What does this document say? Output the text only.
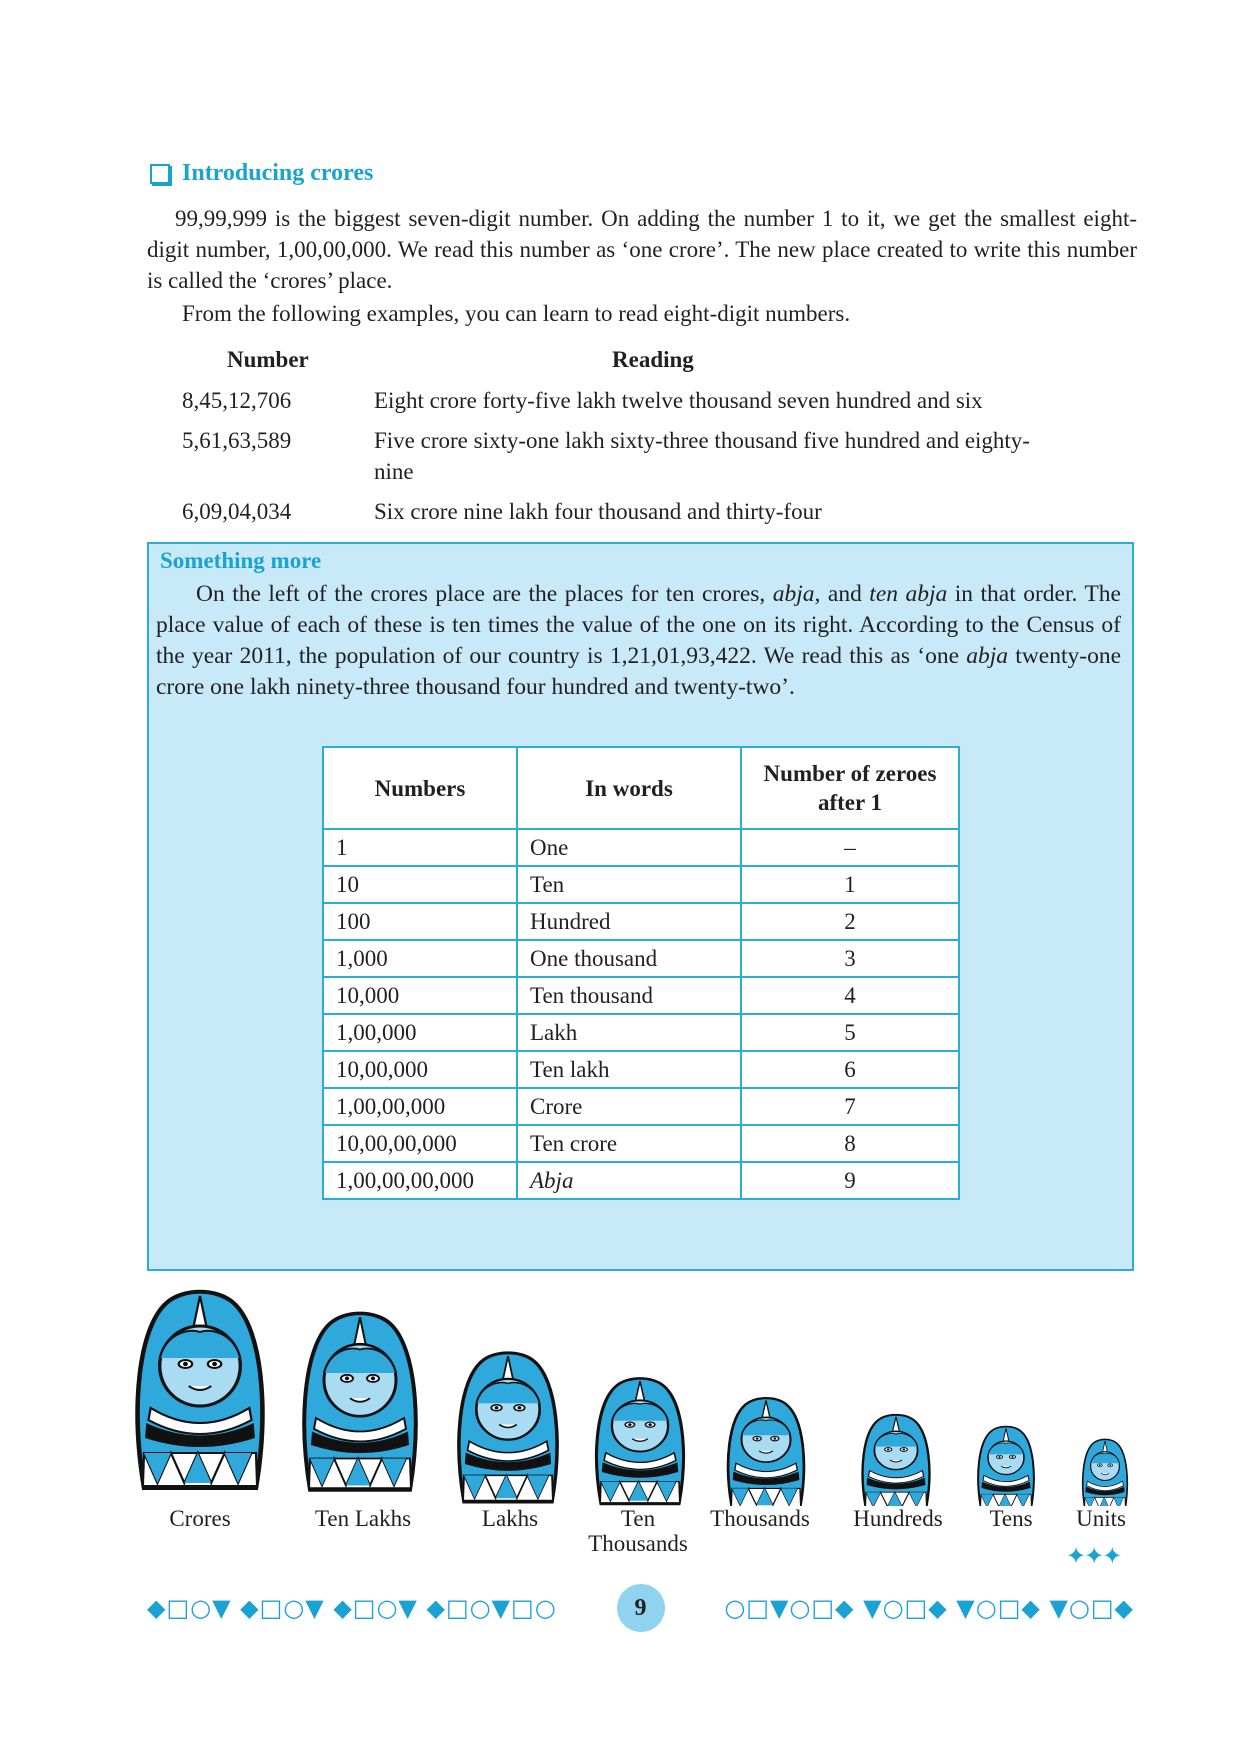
Introducing crores
99,99,999 is the biggest seven-digit number. On adding the number 1 to it, we get the smallest eight-digit number, 1,00,00,000. We read this number as ‘one crore’. The new place created to write this number is called the ‘crores’ place.
From the following examples, you can learn to read eight-digit numbers.
Number	Reading
8,45,12,706	Eight crore forty-five lakh twelve thousand seven hundred and six
5,61,63,589	Five crore sixty-one lakh sixty-three thousand five hundred and eighty-
nine
6,09,04,034	Six crore nine lakh four thousand and thirty-four
Something more
On the left of the crores place are the places for ten crores, abja, and ten abja in that order. The place value of each of these is ten times the value of the one on its right. According to the Census of the year 2011, the population of our country is 1,21,01,93,422. We read this as ‘one abja twenty-one crore one lakh ninety-three thousand four hundred and twenty-two’.
Numbers	In words	Number of zeroes after 1
1	One	–
10	Ten	1
100	Hundred	2
1,000	One thousand	3
10,000	Ten thousand	4
1,00,000	Lakh	5
10,00,000	Ten lakh	6
1,00,00,000	Crore	7
10,00,00,000	Ten crore	8
1,00,00,00,000	Abja	9
Crores	Ten Lakhs	Lakhs	Ten Thousands
Thousands	Hundreds	Tens	Units
✦✦✦
◆□○▼ ◆□○▼ ◆□○▼ ◆□○▼□○	9	○□▼○□◆ ▼○□◆ ▼○□◆ ▼○□◆
